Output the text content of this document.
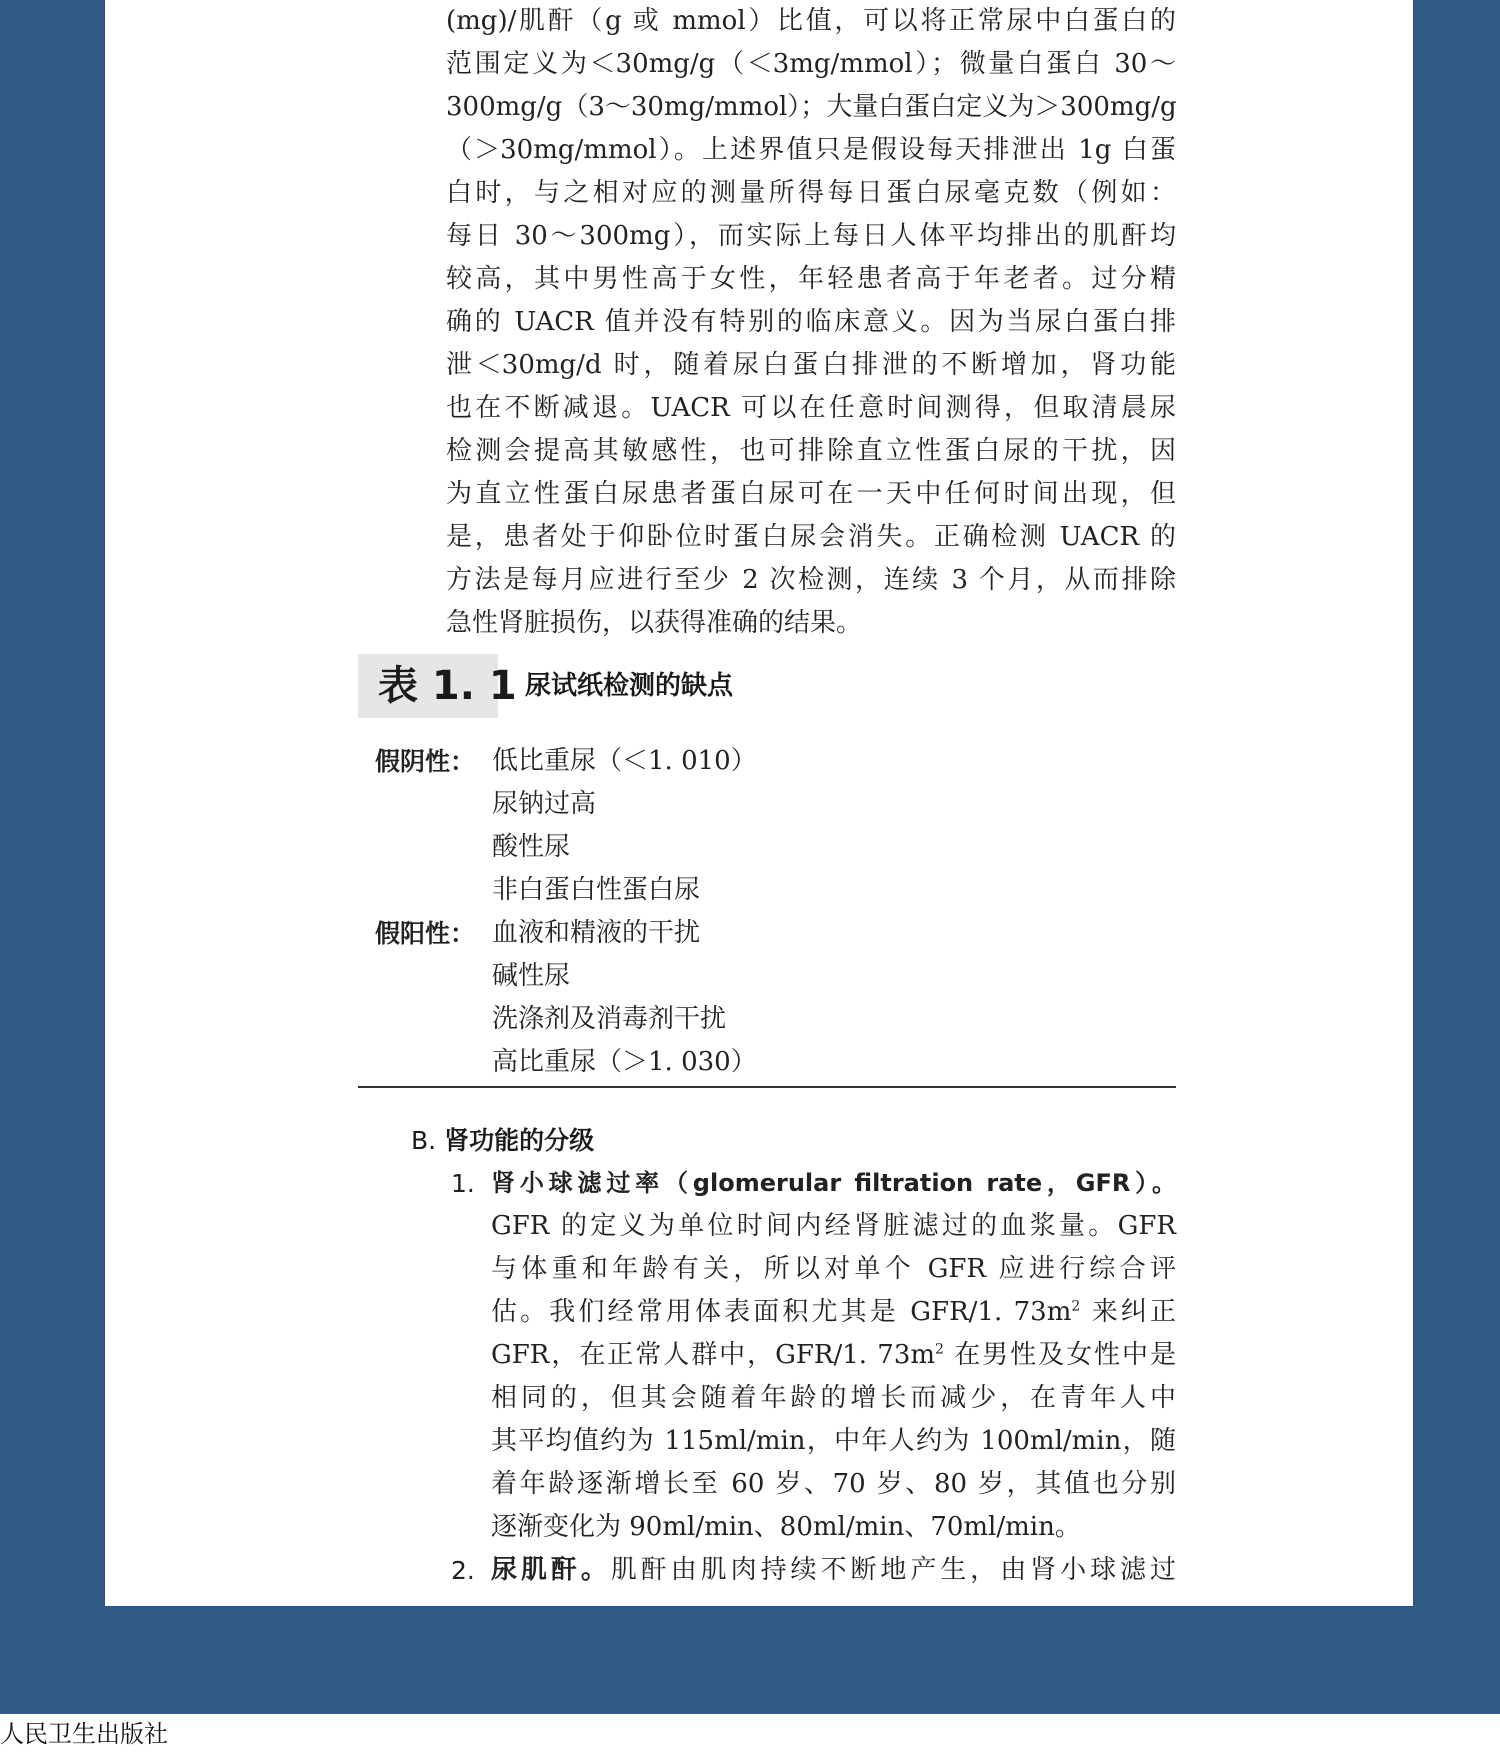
(mg)/肌酐（g 或 mmol）比值，可以将正常尿中白蛋白的
范围定义为＜30mg/g（＜3mg/mmol）；微量白蛋白 30～
300mg/g（3～30mg/mmol）；大量白蛋白定义为＞300mg/g
（＞30mg/mmol）。上述界值只是假设每天排泄出 1g 白蛋
白时，与之相对应的测量所得每日蛋白尿毫克数（例如：
每日 30～300mg），而实际上每日人体平均排出的肌酐均
较高，其中男性高于女性，年轻患者高于年老者。过分精
确的 UACR 值并没有特别的临床意义。因为当尿白蛋白排
泄＜30mg/d 时，随着尿白蛋白排泄的不断增加，肾功能
也在不断减退。UACR 可以在任意时间测得，但取清晨尿
检测会提高其敏感性，也可排除直立性蛋白尿的干扰，因
为直立性蛋白尿患者蛋白尿可在一天中任何时间出现，但
是，患者处于仰卧位时蛋白尿会消失。正确检测 UACR 的
方法是每月应进行至少 2 次检测，连续 3 个月，从而排除
急性肾脏损伤，以获得准确的结果。
表 1. 1 尿试纸检测的缺点
假阴性： 低比重尿（＜1. 010）
尿钠过高
酸性尿
非白蛋白性蛋白尿
假阳性： 血液和精液的干扰
碱性尿
洗涤剂及消毒剂干扰
高比重尿（＞1. 030）
B. 肾功能的分级
1. 肾小球滤过率（glomerular filtration rate，GFR）。
GFR 的定义为单位时间内经肾脏滤过的血浆量。GFR
与体重和年龄有关，所以对单个 GFR 应进行综合评
估。我们经常用体表面积尤其是 GFR/1. $73m^2$ 来纠正
GFR，在正常人群中，GFR/1. $73m^2$ 在男性及女性中是
相同的，但其会随着年龄的增长而减少，在青年人中
其平均值约为 115ml/min，中年人约为 100ml/min，随
着年龄逐渐增长至 60 岁、70 岁、80 岁，其值也分别
逐渐变化为 90ml/min、80ml/min、70ml/min。
2. 尿肌酐。肌酐由肌肉持续不断地产生，由肾小球滤过
人民卫生出版社
